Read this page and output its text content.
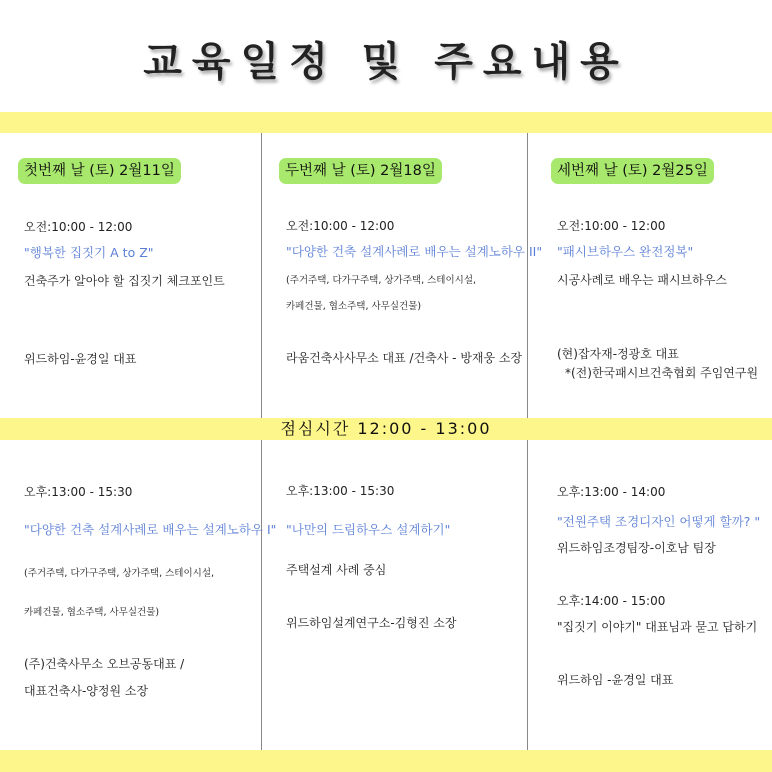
교육일정 및 주요내용
첫번째 날 (토) 2월11일
오전:10:00 - 12:00
"행복한 집짓기 A to Z"
건축주가 알아야 할 집짓기 체크포인트
위드하임-윤경일 대표
두번째 날 (토) 2월18일
오전:10:00 - 12:00
"다양한 건축 설계사례로 배우는 설계노하우 II"
(주거주택, 다가구주택, 상가주택, 스테이시설,
카페건물, 협소주택, 사무실건물)
라움건축사사무소 대표 /건축사 - 방재웅 소장
세번째 날 (토) 2월25일
오전:10:00 - 12:00
"패시브하우스 완전정복"
시공사례로 배우는 패시브하우스
(현)잡자재-정광호 대표
*(전)한국패시브건축협회 주임연구원
점심시간 12:00 - 13:00
오후:13:00 - 15:30
"다양한 건축 설계사례로 배우는 설계노하우 I"
(주거주택, 다가구주택, 상가주택, 스테이시설,
카페건물, 협소주택, 사무실건물)
(주)건축사무소 오브공동대표 /
대표건축사-양정원 소장
오후:13:00 - 15:30
"나만의 드림하우스 설계하기"
주택설계 사례 중심
위드하임설계연구소-김형진 소장
오후:13:00 - 14:00
"전원주택 조경디자인 어떻게 할까? "
위드하임조경팀장-이호남 팀장
오후:14:00 - 15:00
"집짓기 이야기" 대표님과 묻고 답하기
위드하임 -윤경일 대표
